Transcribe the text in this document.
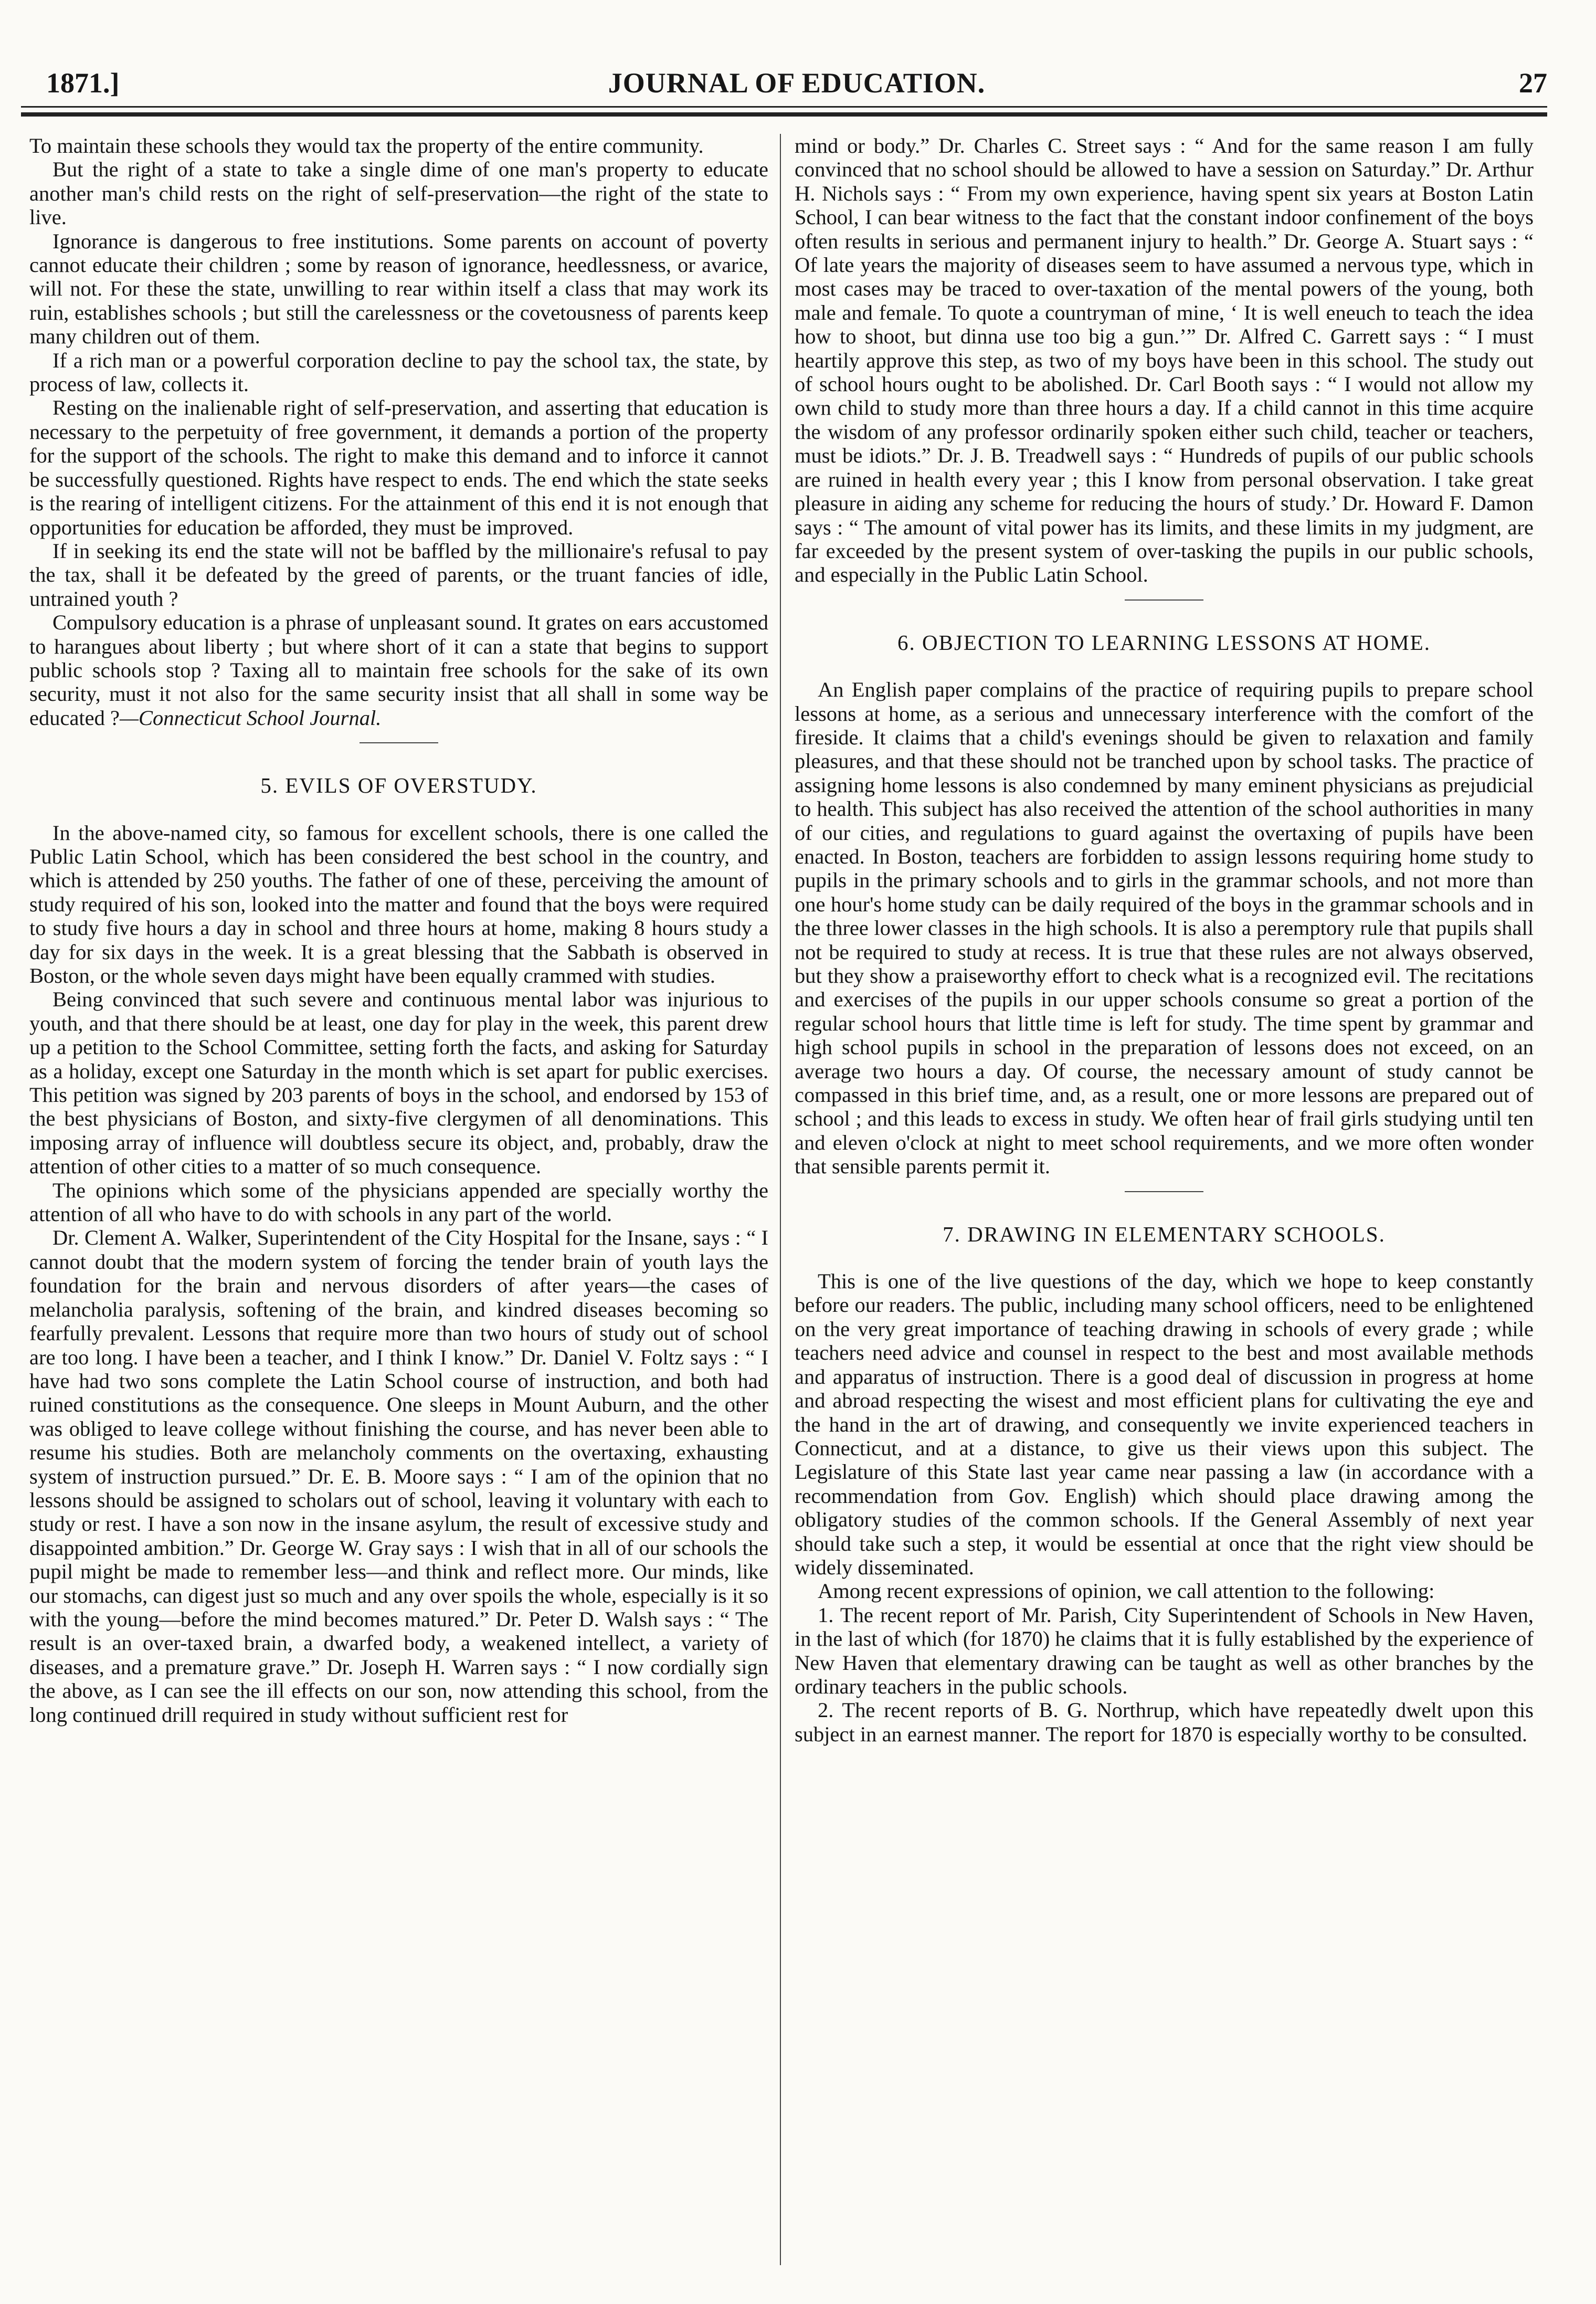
1871.]	JOURNAL OF EDUCATION.	27

To maintain these schools they would tax the property of the entire community.

But the right of a state to take a single dime of one man's property to educate another man's child rests on the right of self-preservation—the right of the state to live.

Ignorance is dangerous to free institutions. Some parents on account of poverty cannot educate their children ; some by reason of ignorance, heedlessness, or avarice, will not. For these the state, unwilling to rear within itself a class that may work its ruin, establishes schools ; but still the carelessness or the covetousness of parents keep many children out of them.

If a rich man or a powerful corporation decline to pay the school tax, the state, by process of law, collects it.

Resting on the inalienable right of self-preservation, and asserting that education is necessary to the perpetuity of free government, it demands a portion of the property for the support of the schools. The right to make this demand and to inforce it cannot be successfully questioned. Rights have respect to ends. The end which the state seeks is the rearing of intelligent citizens. For the attainment of this end it is not enough that opportunities for education be afforded, they must be improved.

If in seeking its end the state will not be baffled by the millionaire's refusal to pay the tax, shall it be defeated by the greed of parents, or the truant fancies of idle, untrained youth ?

Compulsory education is a phrase of unpleasant sound. It grates on ears accustomed to harangues about liberty ; but where short of it can a state that begins to support public schools stop ? Taxing all to maintain free schools for the sake of its own security, must it not also for the same security insist that all shall in some way be educated ?—Connecticut School Journal.

5. EVILS OF OVERSTUDY.

In the above-named city, so famous for excellent schools, there is one called the Public Latin School, which has been considered the best school in the country, and which is attended by 250 youths. The father of one of these, perceiving the amount of study required of his son, looked into the matter and found that the boys were required to study five hours a day in school and three hours at home, making 8 hours study a day for six days in the week. It is a great blessing that the Sabbath is observed in Boston, or the whole seven days might have been equally crammed with studies.

Being convinced that such severe and continuous mental labor was injurious to youth, and that there should be at least, one day for play in the week, this parent drew up a petition to the School Committee, setting forth the facts, and asking for Saturday as a holiday, except one Saturday in the month which is set apart for public exercises. This petition was signed by 203 parents of boys in the school, and endorsed by 153 of the best physicians of Boston, and sixty-five clergymen of all denominations. This imposing array of influence will doubtless secure its object, and, probably, draw the attention of other cities to a matter of so much consequence.

The opinions which some of the physicians appended are specially worthy the attention of all who have to do with schools in any part of the world.

Dr. Clement A. Walker, Superintendent of the City Hospital for the Insane, says : “ I cannot doubt that the modern system of forcing the tender brain of youth lays the foundation for the brain and nervous disorders of after years—the cases of melancholia paralysis, softening of the brain, and kindred diseases becoming so fearfully prevalent. Lessons that require more than two hours of study out of school are too long. I have been a teacher, and I think I know.” Dr. Daniel V. Foltz says : “ I have had two sons complete the Latin School course of instruction, and both had ruined constitutions as the consequence. One sleeps in Mount Auburn, and the other was obliged to leave college without finishing the course, and has never been able to resume his studies. Both are melancholy comments on the overtaxing, exhausting system of instruction pursued.” Dr. E. B. Moore says : “ I am of the opinion that no lessons should be assigned to scholars out of school, leaving it voluntary with each to study or rest. I have a son now in the insane asylum, the result of excessive study and disappointed ambition.” Dr. George W. Gray says : I wish that in all of our schools the pupil might be made to remember less—and think and reflect more. Our minds, like our stomachs, can digest just so much and any over spoils the whole, especially is it so with the young—before the mind becomes matured.” Dr. Peter D. Walsh says : “ The result is an over-taxed brain, a dwarfed body, a weakened intellect, a variety of diseases, and a premature grave.” Dr. Joseph H. Warren says : “ I now cordially sign the above, as I can see the ill effects on our son, now attending this school, from the long continued drill required in study without sufficient rest for

mind or body.” Dr. Charles C. Street says : “ And for the same reason I am fully convinced that no school should be allowed to have a session on Saturday.” Dr. Arthur H. Nichols says : “ From my own experience, having spent six years at Boston Latin School, I can bear witness to the fact that the constant indoor confinement of the boys often results in serious and permanent injury to health.” Dr. George A. Stuart says : “ Of late years the majority of diseases seem to have assumed a nervous type, which in most cases may be traced to over-taxation of the mental powers of the young, both male and female. To quote a countryman of mine, ‘ It is well eneuch to teach the idea how to shoot, but dinna use too big a gun.’” Dr. Alfred C. Garrett says : “ I must heartily approve this step, as two of my boys have been in this school. The study out of school hours ought to be abolished. Dr. Carl Booth says : “ I would not allow my own child to study more than three hours a day. If a child cannot in this time acquire the wisdom of any professor ordinarily spoken either such child, teacher or teachers, must be idiots.” Dr. J. B. Treadwell says : “ Hundreds of pupils of our public schools are ruined in health every year ; this I know from personal observation. I take great pleasure in aiding any scheme for reducing the hours of study.’ Dr. Howard F. Damon says : “ The amount of vital power has its limits, and these limits in my judgment, are far exceeded by the present system of over-tasking the pupils in our public schools, and especially in the Public Latin School.

6. OBJECTION TO LEARNING LESSONS AT HOME.

An English paper complains of the practice of requiring pupils to prepare school lessons at home, as a serious and unnecessary interference with the comfort of the fireside. It claims that a child's evenings should be given to relaxation and family pleasures, and that these should not be tranched upon by school tasks. The practice of assigning home lessons is also condemned by many eminent physicians as prejudicial to health. This subject has also received the attention of the school authorities in many of our cities, and regulations to guard against the overtaxing of pupils have been enacted. In Boston, teachers are forbidden to assign lessons requiring home study to pupils in the primary schools and to girls in the grammar schools, and not more than one hour's home study can be daily required of the boys in the grammar schools and in the three lower classes in the high schools. It is also a peremptory rule that pupils shall not be required to study at recess. It is true that these rules are not always observed, but they show a praiseworthy effort to check what is a recognized evil. The recitations and exercises of the pupils in our upper schools consume so great a portion of the regular school hours that little time is left for study. The time spent by grammar and high school pupils in school in the preparation of lessons does not exceed, on an average two hours a day. Of course, the necessary amount of study cannot be compassed in this brief time, and, as a result, one or more lessons are prepared out of school ; and this leads to excess in study. We often hear of frail girls studying until ten and eleven o'clock at night to meet school requirements, and we more often wonder that sensible parents permit it.

7. DRAWING IN ELEMENTARY SCHOOLS.

This is one of the live questions of the day, which we hope to keep constantly before our readers. The public, including many school officers, need to be enlightened on the very great importance of teaching drawing in schools of every grade ; while teachers need advice and counsel in respect to the best and most available methods and apparatus of instruction. There is a good deal of discussion in progress at home and abroad respecting the wisest and most efficient plans for cultivating the eye and the hand in the art of drawing, and consequently we invite experienced teachers in Connecticut, and at a distance, to give us their views upon this subject. The Legislature of this State last year came near passing a law (in accordance with a recommendation from Gov. English) which should place drawing among the obligatory studies of the common schools. If the General Assembly of next year should take such a step, it would be essential at once that the right view should be widely disseminated.

Among recent expressions of opinion, we call attention to the following:

1. The recent report of Mr. Parish, City Superintendent of Schools in New Haven, in the last of which (for 1870) he claims that it is fully established by the experience of New Haven that elementary drawing can be taught as well as other branches by the ordinary teachers in the public schools.

2. The recent reports of B. G. Northrup, which have repeatedly dwelt upon this subject in an earnest manner. The report for 1870 is especially worthy to be consulted.
